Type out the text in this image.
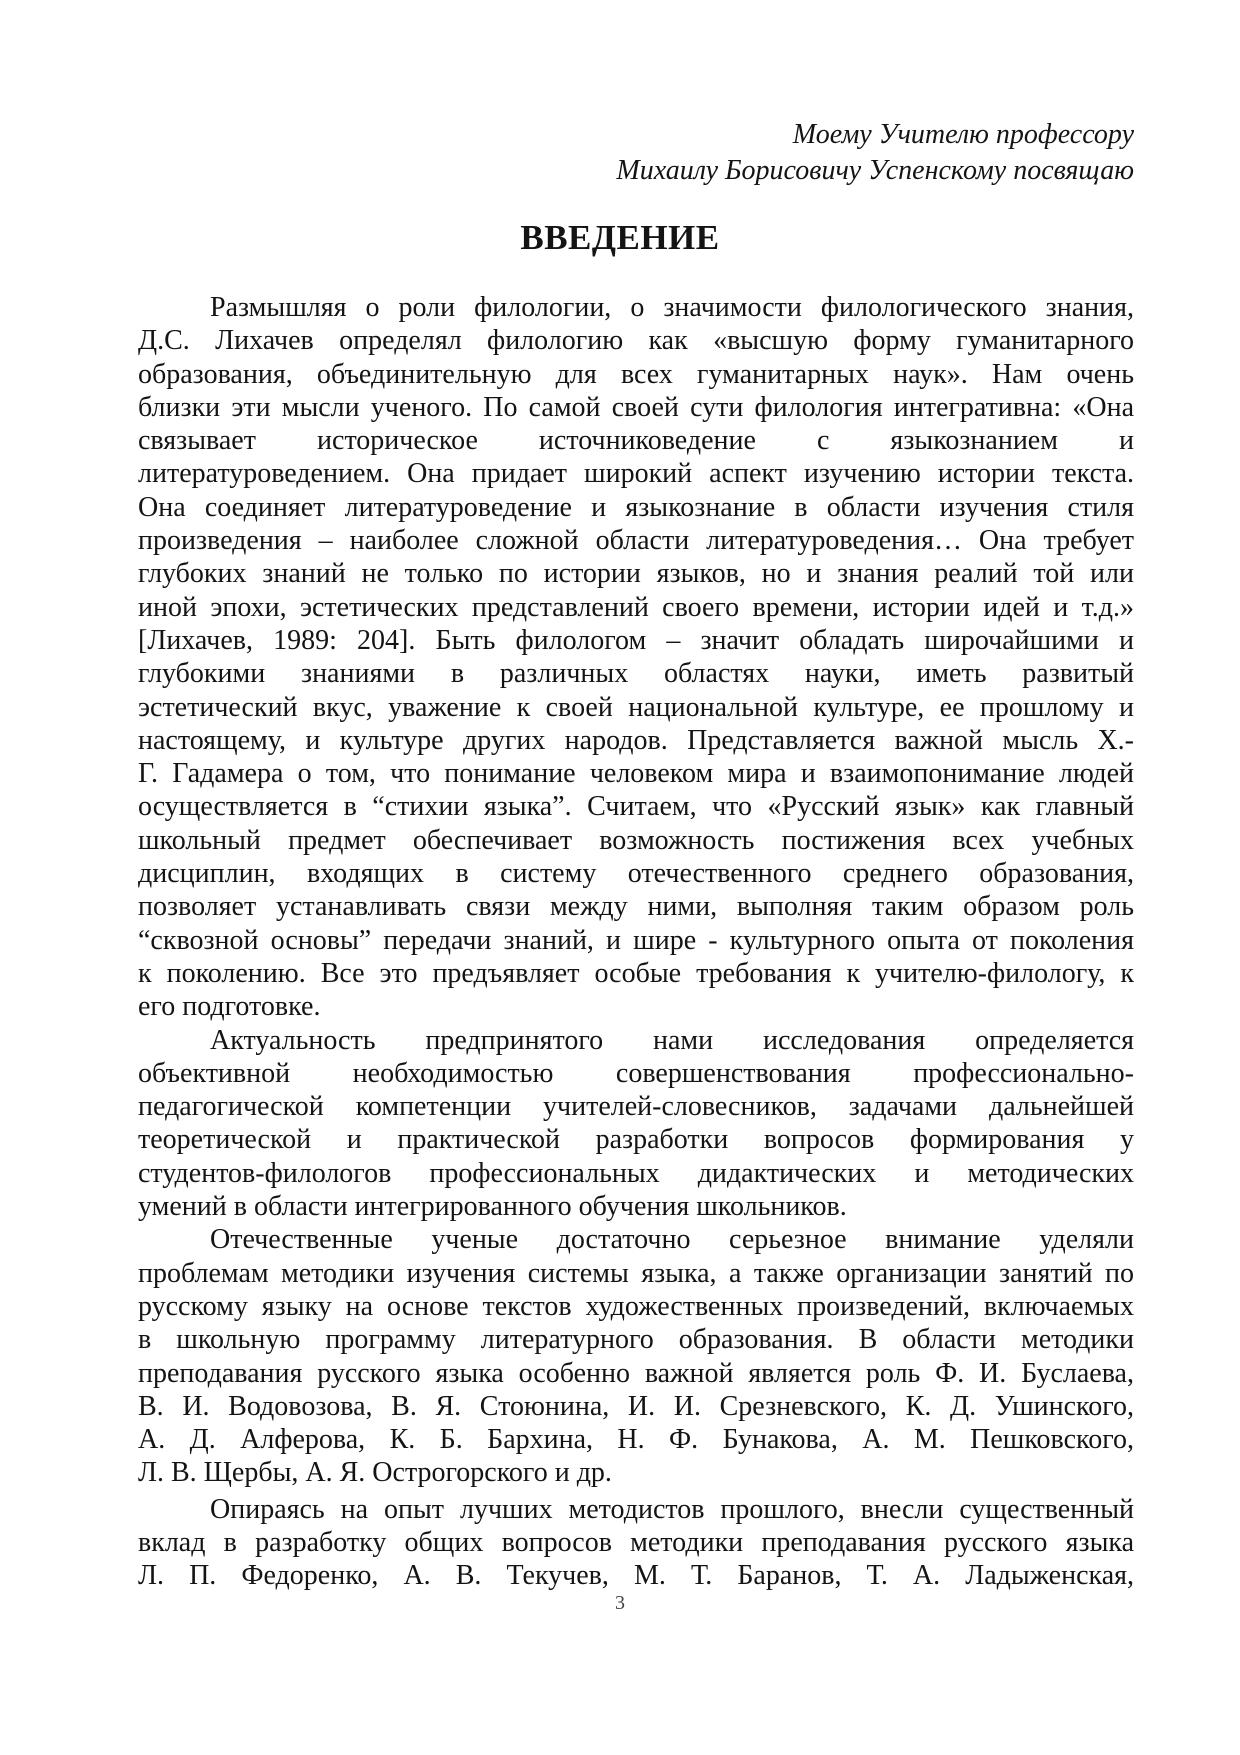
Моему Учителю профессору
Михаилу Борисовичу Успенскому посвящаю
ВВЕДЕНИЕ
Размышляя о роли филологии, о значимости филологического знания,
Д.С. Лихачев определял филологию как «высшую форму гуманитарного
образования, объединительную для всех гуманитарных наук». Нам очень
близки эти мысли ученого. По самой своей сути филология интегративна: «Она
связывает историческое источниковедение с языкознанием и
литературоведением. Она придает широкий аспект изучению истории текста.
Она соединяет литературоведение и языкознание в области изучения стиля
произведения – наиболее сложной области литературоведения… Она требует
глубоких знаний не только по истории языков, но и знания реалий той или
иной эпохи, эстетических представлений своего времени, истории идей и т.д.»
[Лихачев, 1989: 204]. Быть филологом – значит обладать широчайшими и
глубокими знаниями в различных областях науки, иметь развитый
эстетический вкус, уважение к своей национальной культуре, ее прошлому и
настоящему, и культуре других народов. Представляется важной мысль Х.-
Г. Гадамера о том, что понимание человеком мира и взаимопонимание людей
осуществляется в “стихии языка”. Считаем, что «Русский язык» как главный
школьный предмет обеспечивает возможность постижения всех учебных
дисциплин, входящих в систему отечественного среднего образования,
позволяет устанавливать связи между ними, выполняя таким образом роль
“сквозной основы” передачи знаний, и шире - культурного опыта от поколения
к поколению. Все это предъявляет особые требования к учителю-филологу, к
его подготовке.
Актуальность предпринятого нами исследования определяется
объективной необходимостью совершенствования профессионально-
педагогической компетенции учителей-словесников, задачами дальнейшей
теоретической и практической разработки вопросов формирования у
студентов-филологов профессиональных дидактических и методических
умений в области интегрированного обучения школьников.
Отечественные ученые достаточно серьезное внимание уделяли
проблемам методики изучения системы языка, а также организации занятий по
русскому языку на основе текстов художественных произведений, включаемых
в школьную программу литературного образования. В области методики
преподавания русского языка особенно важной является роль Ф. И. Буслаева,
В. И. Водовозова, В. Я. Стоюнина, И. И. Срезневского, К. Д. Ушинского,
А. Д. Алферова, К. Б. Бархина, Н. Ф. Бунакова, А. М. Пешковского,
Л. В. Щербы, А. Я. Острогорского и др.
Опираясь на опыт лучших методистов прошлого, внесли существенный
вклад в разработку общих вопросов методики преподавания русского языка
Л. П. Федоренко, А. В. Текучев, М. Т. Баранов, Т. А. Ладыженская,
3
